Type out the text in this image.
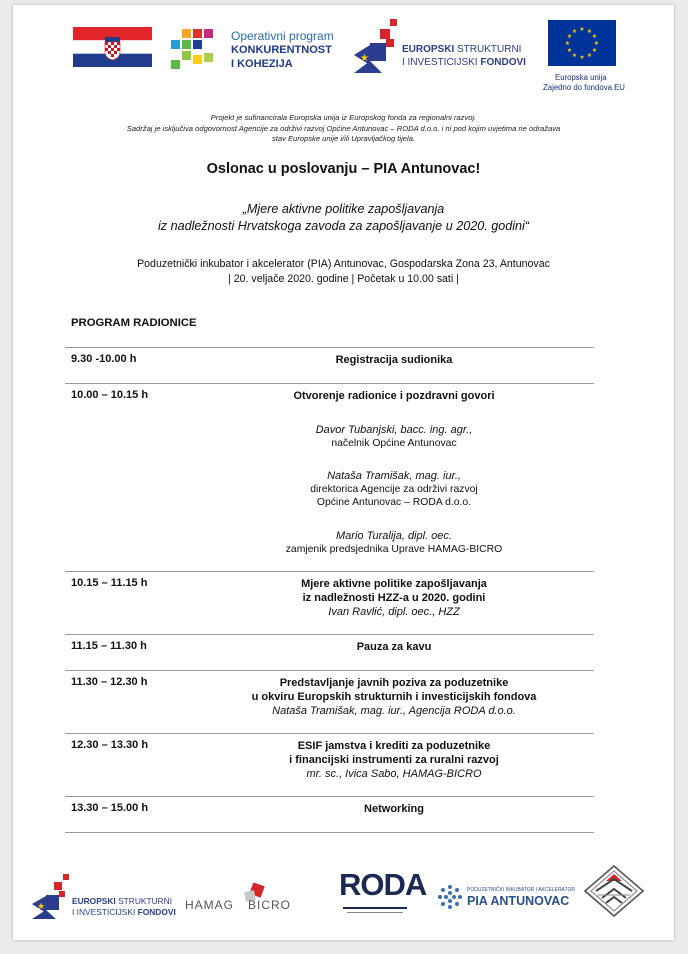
Operativni program
KONKURENTNOST
I KOHEZIJA	★
EUROPSKI STRUKTURNI
I INVESTICIJSKI FONDOVI
★ ★
★
★
★
★
★
★
★
★
★
★
Europska unija
Zajedno do fondova EU
Projekt je sufinancirala Europska unija iz Europskog fonda za regionalni razvoj.
Sadržaj je isključiva odgovornost Agencije za održivi razvoj Općine Antunovac – RODA d.o.o. i ni pod kojim uvjetima ne odražava
stav Europske unije i/ili Upravljačkog tijela.
Oslonac u poslovanju – PIA Antunovac!
„Mjere aktivne politike zapošljavanja
iz nadležnosti Hrvatskoga zavoda za zapošljavanje u 2020. godini“
Poduzetnički inkubator i akcelerator (PIA) Antunovac, Gospodarska Zona 23, Antunovac
| 20. veljače 2020. godine | Početak u 10.00 sati |
PROGRAM RADIONICE
9.30 -10.00 h	Registracija sudionika
10.00 – 10.15 h	Otvorenje radionice i pozdravni govori
Davor Tubanjski, bacc. ing. agr.,
načelnik Općine Antunovac
Nataša Tramišak, mag. iur.,
direktorica Agencije za održivi razvoj
Općine Antunovac – RODA d.o.o.
Mario Turalija, dipl. oec.
zamjenik predsjednika Uprave HAMAG-BICRO
10.15 – 11.15 h	Mjere aktivne politike zapošljavanja
iz nadležnosti HZZ-a u 2020. godini
Ivan Ravlić, dipl. oec., HZZ
11.15 – 11.30 h	Pauza za kavu
11.30 – 12.30 h	Predstavljanje javnih poziva za poduzetnike
u okviru Europskih strukturnih i investicijskih fondova
Nataša Tramišak, mag. iur., Agencija RODA d.o.o.
12.30 – 13.30 h	ESIF jamstva i krediti za poduzetnike
i financijski instrumenti za ruralni razvoj
mr. sc., Ivica Sabo, HAMAG-BICRO
13.30 – 15.00 h	Networking
★
EUROPSKI STRUKTURNI
I INVESTICIJSKI FONDOVI HAMAG BICRO
RODA	PODUZETNIČKI INKUBATOR I AKCELERATOR
PIA ANTUNOVAC
